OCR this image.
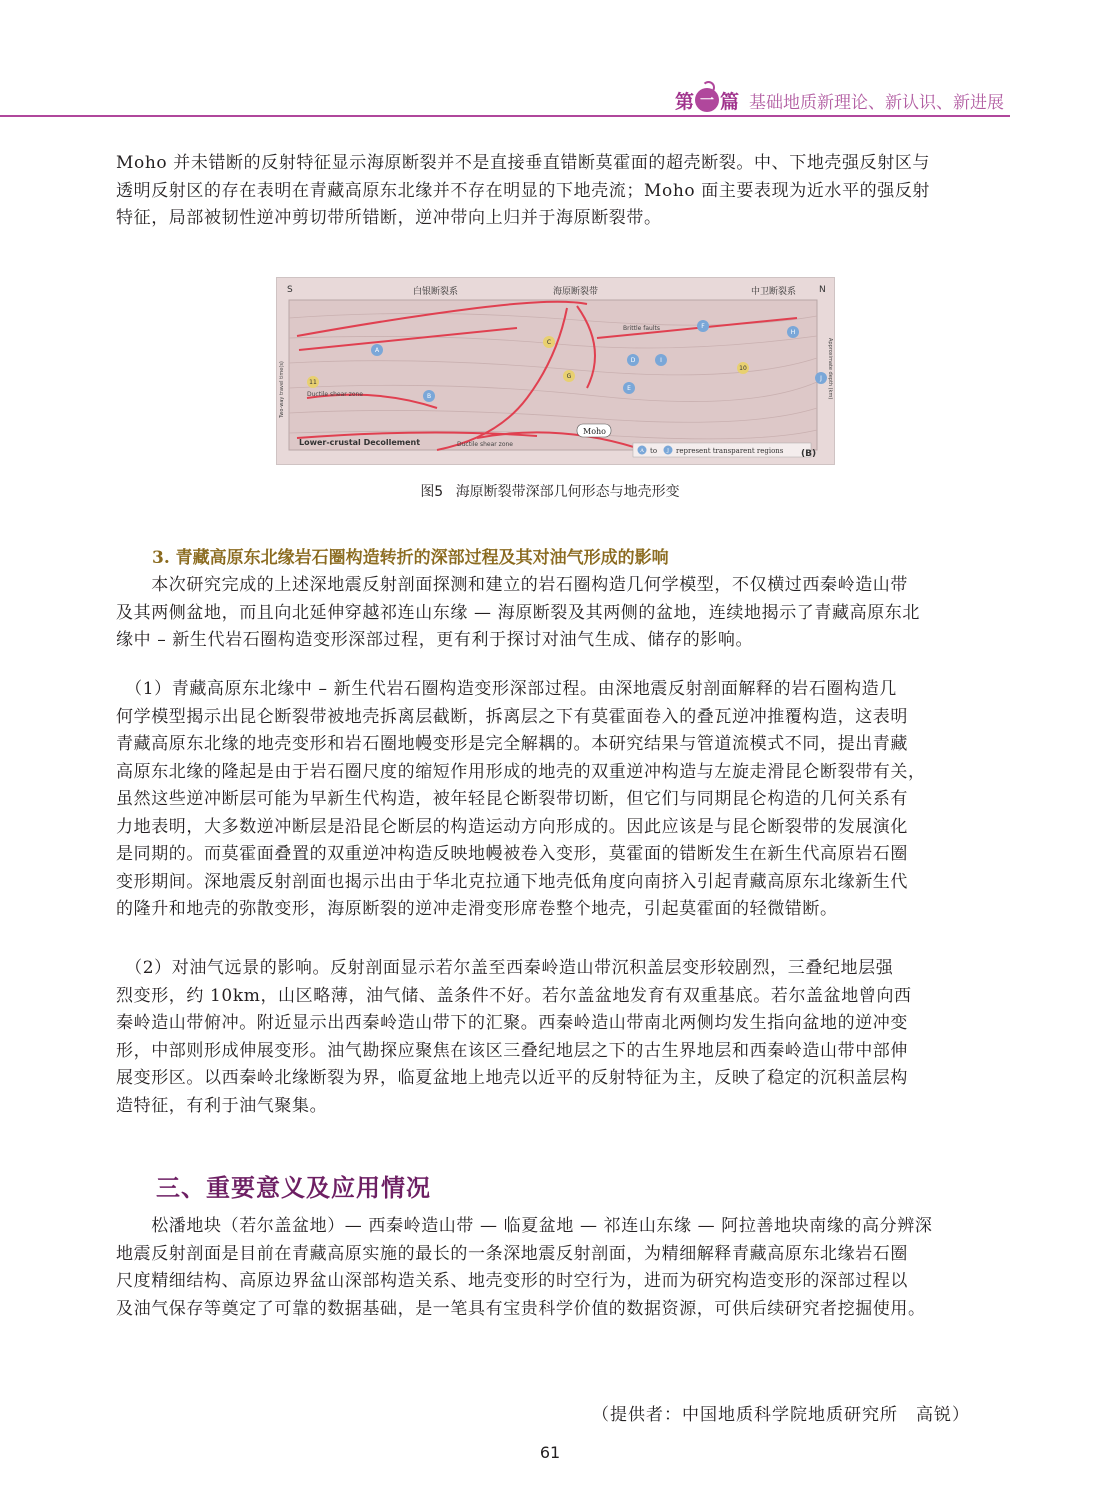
第 一 篇 基础地质新理论、新认识、新进展
Moho 并未错断的反射特征显示海原断裂并不是直接垂直错断莫霍面的超壳断裂。中、下地壳强反射区与
透明反射区的存在表明在青藏高原东北缘并不存在明显的下地壳流；Moho 面主要表现为近水平的强反射
特征，局部被韧性逆冲剪切带所错断，逆冲带向上归并于海原断裂带。
S	N
白银断裂系	海原断裂带	中卫断裂系
Brittle faults
Ductile shear zone
Ductile shear zone
Lower-crustal Decollement
Moho
A
B
C
D
E
F
G
H
I
J
10
11
A to J represent transparent regions (B)
Two-way travel time(s)	Approximate depth (km)
图5 海原断裂带深部几何形态与地壳形变
3. 青藏高原东北缘岩石圈构造转折的深部过程及其对油气形成的影响
　　本次研究完成的上述深地震反射剖面探测和建立的岩石圈构造几何学模型，不仅横过西秦岭造山带
及其两侧盆地，而且向北延伸穿越祁连山东缘 — 海原断裂及其两侧的盆地，连续地揭示了青藏高原东北
缘中 – 新生代岩石圈构造变形深部过程，更有利于探讨对油气生成、储存的影响。
　（1）青藏高原东北缘中 – 新生代岩石圈构造变形深部过程。由深地震反射剖面解释的岩石圈构造几
何学模型揭示出昆仑断裂带被地壳拆离层截断，拆离层之下有莫霍面卷入的叠瓦逆冲推覆构造，这表明
青藏高原东北缘的地壳变形和岩石圈地幔变形是完全解耦的。本研究结果与管道流模式不同，提出青藏
高原东北缘的隆起是由于岩石圈尺度的缩短作用形成的地壳的双重逆冲构造与左旋走滑昆仑断裂带有关，
虽然这些逆冲断层可能为早新生代构造，被年轻昆仑断裂带切断，但它们与同期昆仑构造的几何关系有
力地表明，大多数逆冲断层是沿昆仑断层的构造运动方向形成的。因此应该是与昆仑断裂带的发展演化
是同期的。而莫霍面叠置的双重逆冲构造反映地幔被卷入变形，莫霍面的错断发生在新生代高原岩石圈
变形期间。深地震反射剖面也揭示出由于华北克拉通下地壳低角度向南挤入引起青藏高原东北缘新生代
的隆升和地壳的弥散变形，海原断裂的逆冲走滑变形席卷整个地壳，引起莫霍面的轻微错断。
　（2）对油气远景的影响。反射剖面显示若尔盖至西秦岭造山带沉积盖层变形较剧烈，三叠纪地层强
烈变形，约 10km，山区略薄，油气储、盖条件不好。若尔盖盆地发育有双重基底。若尔盖盆地曾向西
秦岭造山带俯冲。附近显示出西秦岭造山带下的汇聚。西秦岭造山带南北两侧均发生指向盆地的逆冲变
形，中部则形成伸展变形。油气勘探应聚焦在该区三叠纪地层之下的古生界地层和西秦岭造山带中部伸
展变形区。以西秦岭北缘断裂为界，临夏盆地上地壳以近平的反射特征为主，反映了稳定的沉积盖层构
造特征，有利于油气聚集。
三、重要意义及应用情况
　　松潘地块（若尔盖盆地）— 西秦岭造山带 — 临夏盆地 — 祁连山东缘 — 阿拉善地块南缘的高分辨深
地震反射剖面是目前在青藏高原实施的最长的一条深地震反射剖面，为精细解释青藏高原东北缘岩石圈
尺度精细结构、高原边界盆山深部构造关系、地壳变形的时空行为，进而为研究构造变形的深部过程以
及油气保存等奠定了可靠的数据基础，是一笔具有宝贵科学价值的数据资源，可供后续研究者挖掘使用。
（提供者：中国地质科学院地质研究所　高锐）
61
